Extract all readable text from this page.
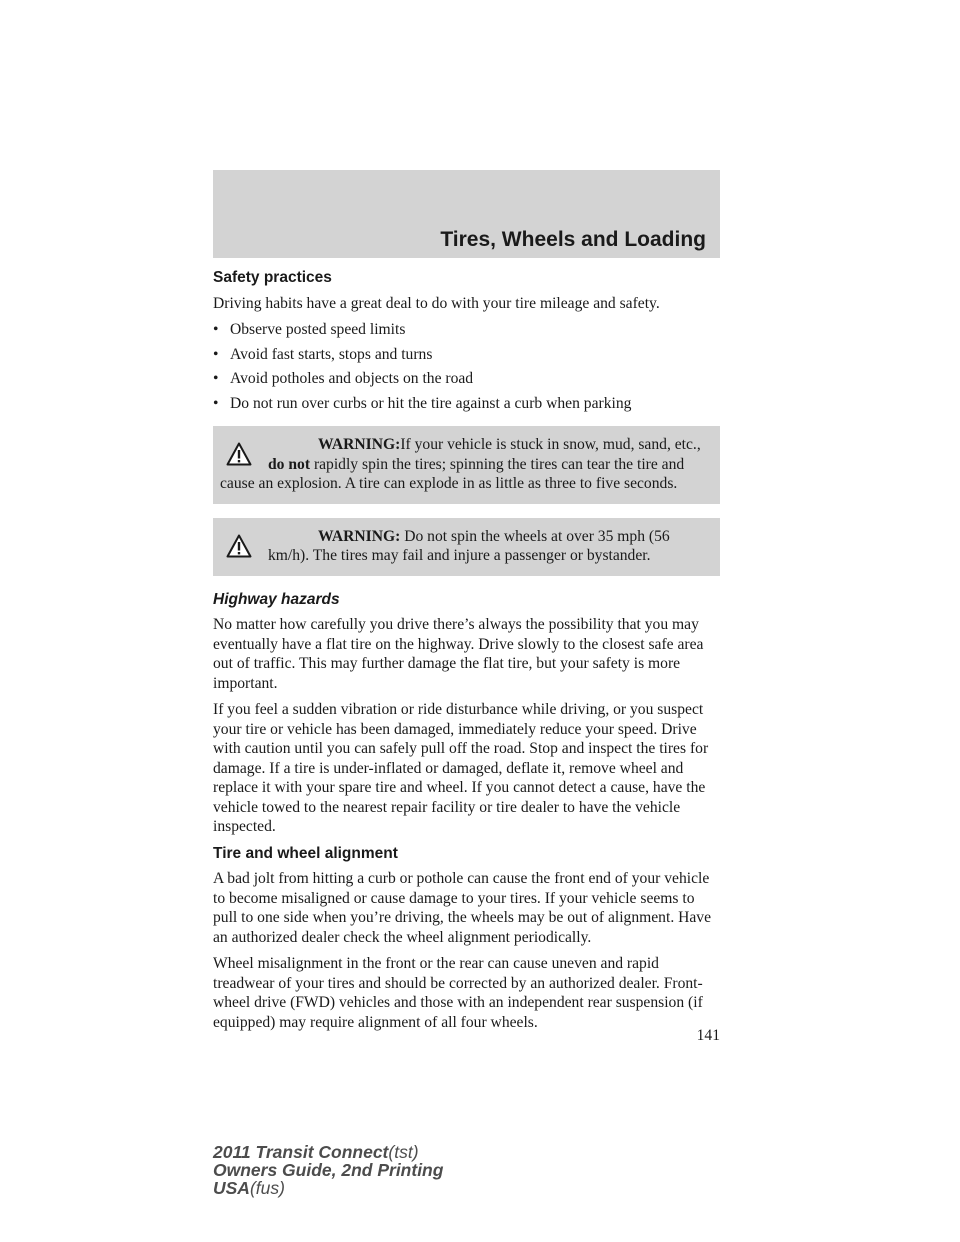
Tires, Wheels and Loading
Safety practices

Driving habits have a great deal to do with your tire mileage and safety.

• Observe posted speed limits
• Avoid fast starts, stops and turns
• Avoid potholes and objects on the road
• Do not run over curbs or hit the tire against a curb when parking
WARNING:If your vehicle is stuck in snow, mud, sand, etc., do not rapidly spin the tires; spinning the tires can tear the tire and cause an explosion. A tire can explode in as little as three to five seconds.
WARNING: Do not spin the wheels at over 35 mph (56 km/h). The tires may fail and injure a passenger or bystander.
Highway hazards

No matter how carefully you drive there’s always the possibility that you may eventually have a flat tire on the highway. Drive slowly to the closest safe area out of traffic. This may further damage the flat tire, but your safety is more important.

If you feel a sudden vibration or ride disturbance while driving, or you suspect your tire or vehicle has been damaged, immediately reduce your speed. Drive with caution until you can safely pull off the road. Stop and inspect the tires for damage. If a tire is under-inflated or damaged, deflate it, remove wheel and replace it with your spare tire and wheel. If you cannot detect a cause, have the vehicle towed to the nearest repair facility or tire dealer to have the vehicle inspected.

Tire and wheel alignment

A bad jolt from hitting a curb or pothole can cause the front end of your vehicle to become misaligned or cause damage to your tires. If your vehicle seems to pull to one side when you’re driving, the wheels may be out of alignment. Have an authorized dealer check the wheel alignment periodically.

Wheel misalignment in the front or the rear can cause uneven and rapid treadwear of your tires and should be corrected by an authorized dealer. Front-wheel drive (FWD) vehicles and those with an independent rear suspension (if equipped) may require alignment of all four wheels.

141
2011 Transit Connect(tst)
Owners Guide, 2nd Printing
USA(fus)
